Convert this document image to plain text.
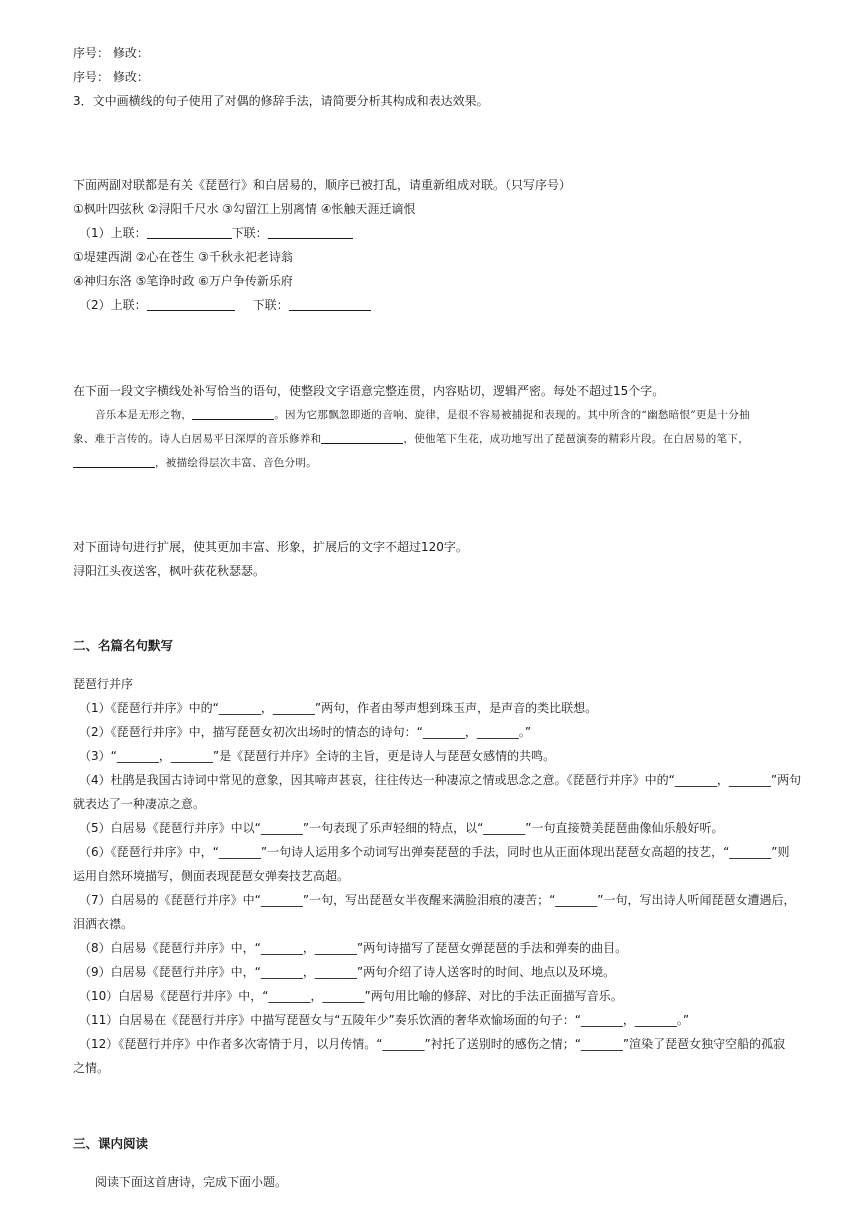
序号： 修改：
序号： 修改：
3．文中画横线的句子使用了对偶的修辞手法，请简要分析其构成和表达效果。
下面两副对联都是有关《琵琶行》和白居易的，顺序已被打乱，请重新组成对联。（只写序号）
①枫叶四弦秋 ②浔阳千尺水 ③勾留江上别离情 ④怅触天涯迁谪恨
（1）上联：	下联：
①堤建西湖 ②心在苍生 ③千秋永祀老诗翁
④神归东洛 ⑤笔诤时政 ⑥万户争传新乐府
（2）上联：	下联：
在下面一段文字横线处补写恰当的语句，使整段文字语意完整连贯，内容贴切，逻辑严密。每处不超过15个字。
音乐本是无形之物，	。因为它那飘忽即逝的音响、旋律，是很不容易被捕捉和表现的。其中所含的“幽愁暗恨”更是十分抽
象、难于言传的。诗人白居易平日深厚的音乐修养和	，使他笔下生花，成功地写出了琵琶演奏的精彩片段。在白居易的笔下，
，被描绘得层次丰富、音色分明。
对下面诗句进行扩展，使其更加丰富、形象，扩展后的文字不超过120字。
浔阳江头夜送客，枫叶荻花秋瑟瑟。
二、名篇名句默写
琵琶行并序
（1）《琵琶行并序》中的“_______，_______”两句，作者由琴声想到珠玉声，是声音的类比联想。
（2）《琵琶行并序》中，描写琵琶女初次出场时的情态的诗句：“_______，_______。”
（3）“_______，_______”是《琵琶行并序》全诗的主旨，更是诗人与琵琶女感情的共鸣。
（4）杜鹃是我国古诗词中常见的意象，因其啼声甚哀，往往传达一种凄凉之情或思念之意。《琵琶行并序》中的“_______，_______”两句
就表达了一种凄凉之意。
（5）白居易《琵琶行并序》中以“_______”一句表现了乐声轻细的特点，以“_______”一句直接赞美琵琶曲像仙乐般好听。
（6）《琵琶行并序》中，“_______”一句诗人运用多个动词写出弹奏琵琶的手法，同时也从正面体现出琵琶女高超的技艺，“_______”则
运用自然环境描写，侧面表现琵琶女弹奏技艺高超。
（7）白居易的《琵琶行并序》中“_______”一句，写出琵琶女半夜醒来满脸泪痕的凄苦；“_______”一句，写出诗人听闻琵琶女遭遇后，
泪洒衣襟。
（8）白居易《琵琶行并序》中，“_______，_______”两句诗描写了琵琶女弹琵琶的手法和弹奏的曲目。
（9）白居易《琵琶行并序》中，“_______，_______”两句介绍了诗人送客时的时间、地点以及环境。
（10）白居易《琵琶行并序》中，“_______，_______”两句用比喻的修辞、对比的手法正面描写音乐。
（11）白居易在《琵琶行并序》中描写琵琶女与“五陵年少”奏乐饮酒的奢华欢愉场面的句子：“_______，_______。”
（12）《琵琶行并序》中作者多次寄情于月，以月传情。“_______”衬托了送别时的感伤之情；“_______”渲染了琵琶女独守空船的孤寂
之情。
三、课内阅读
阅读下面这首唐诗，完成下面小题。
